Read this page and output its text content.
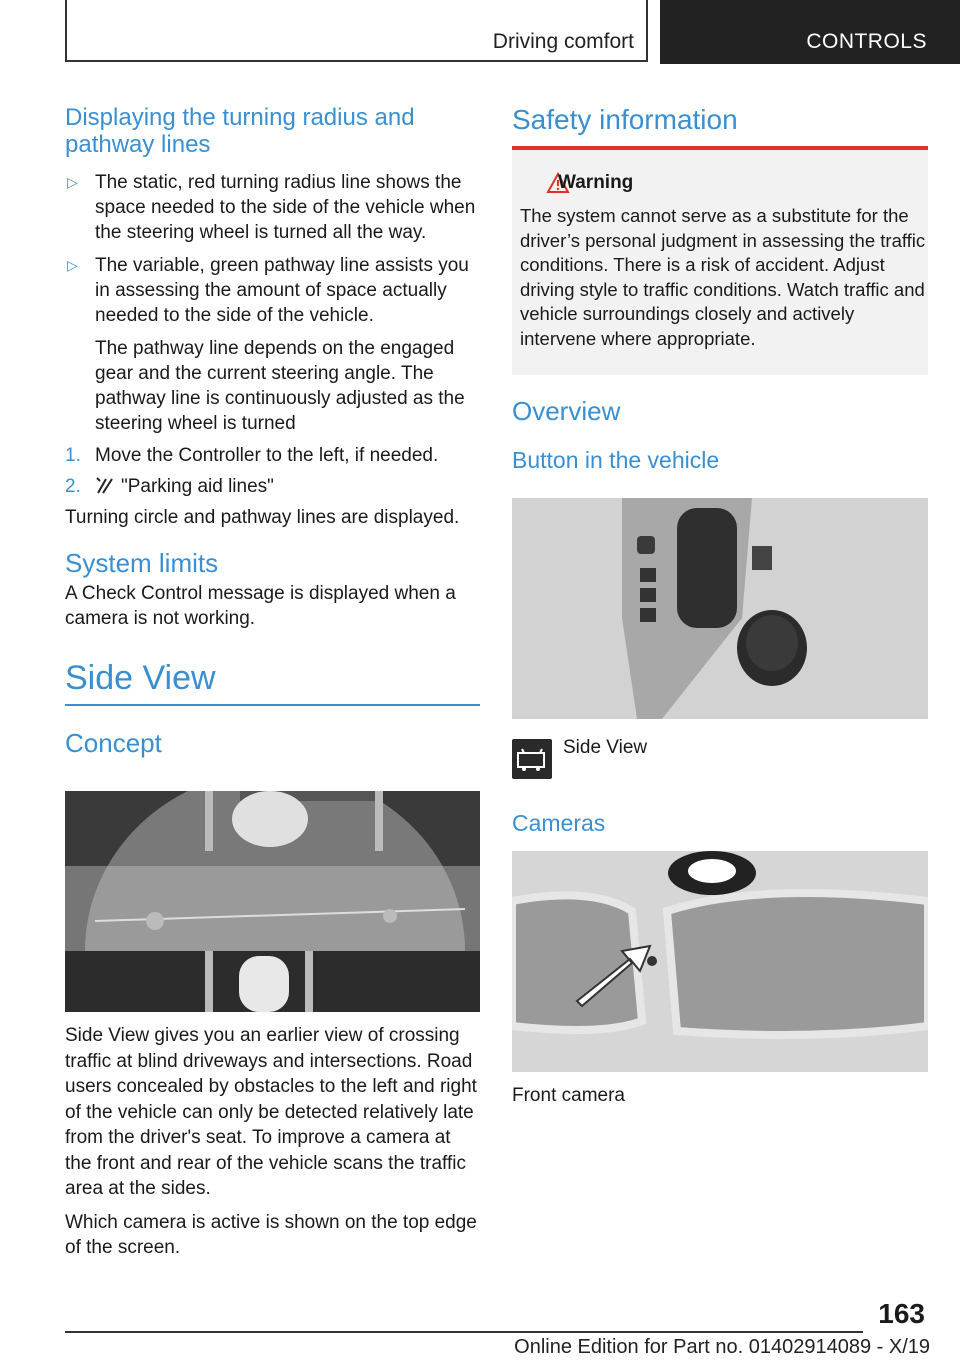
Driving comfort	CONTROLS
Displaying the turning radius and pathway lines
▷ The static, red turning radius line shows the space needed to the side of the vehicle when the steering wheel is turned all the way.
▷ The variable, green pathway line assists you in assessing the amount of space actually needed to the side of the vehicle.
The pathway line depends on the engaged gear and the current steering angle. The pathway line is continuously adjusted as the steering wheel is turned
1. Move the Controller to the left, if needed.
2. "Parking aid lines"

Turning circle and pathway lines are displayed.

System limits

A Check Control message is displayed when a camera is not working.

Side View
Concept

Side View gives you an earlier view of crossing traffic at blind driveways and intersections. Road users concealed by obstacles to the left and right of the vehicle can only be detected relatively late from the driver's seat. To improve a camera at the front and rear of the vehicle scans the traffic area at the sides.

Which camera is active is shown on the top edge of the screen.

Safety information
Warning

The system cannot serve as a substitute for the driver’s personal judgment in assessing the traffic conditions. There is a risk of accident. Adjust driving style to traffic conditions. Watch traffic and vehicle surroundings closely and actively intervene where appropriate.

Overview
Button in the vehicle
Side View
Cameras
Front camera
163
Online Edition for Part no. 01402914089 - X/19
